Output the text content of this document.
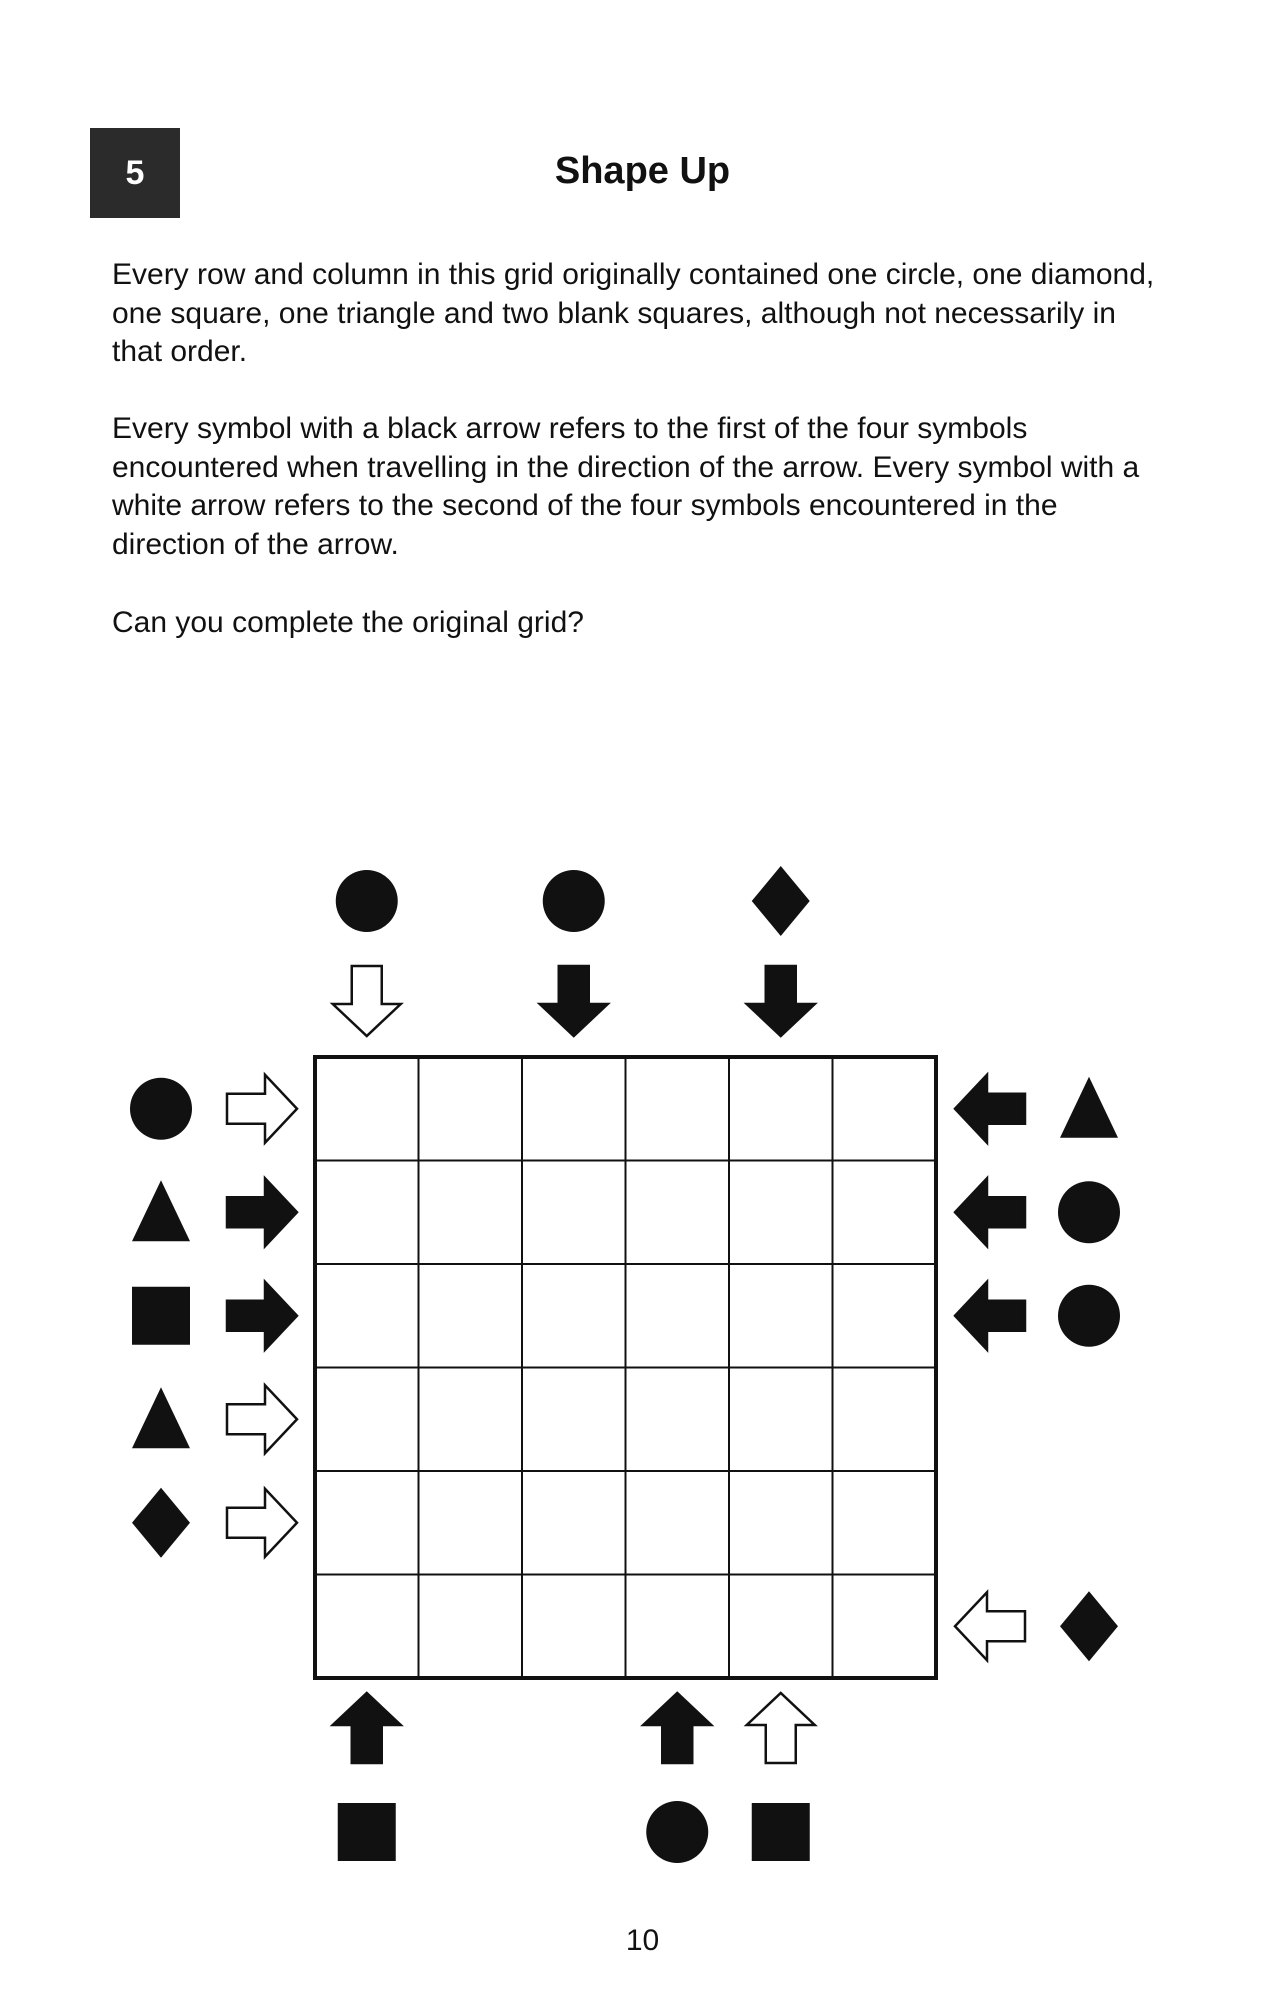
5	Shape Up

Every row and column in this grid originally contained one circle, one diamond, one square, one triangle and two blank squares, although not necessarily in that order.

Every symbol with a black arrow refers to the first of the four symbols encountered when travelling in the direction of the arrow. Every symbol with a white arrow refers to the second of the four symbols encountered in the direction of the arrow.

Can you complete the original grid?

10
